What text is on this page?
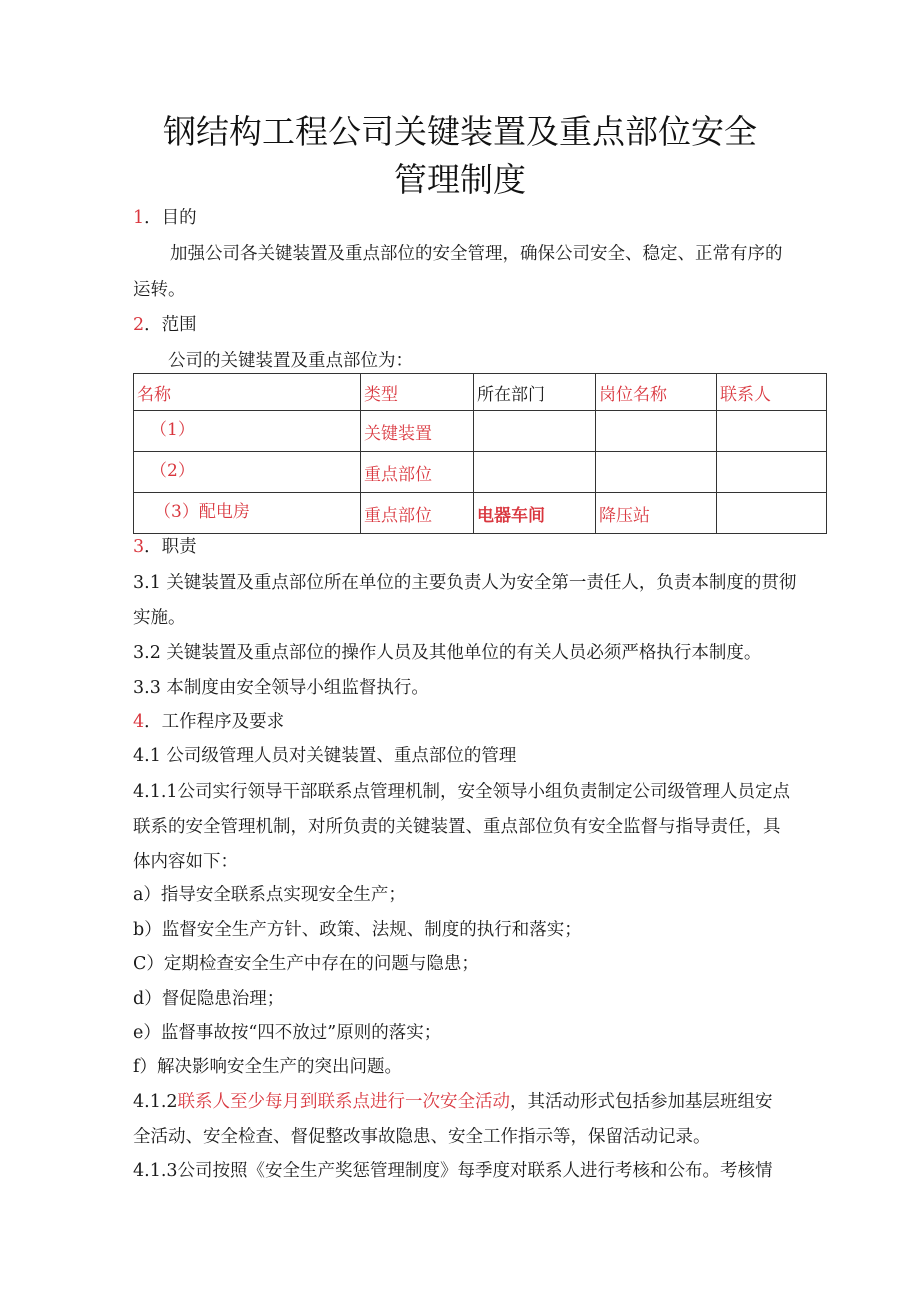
钢结构工程公司关键装置及重点部位安全
管理制度
1．目的
加强公司各关键装置及重点部位的安全管理，确保公司安全、稳定、正常有序的
运转。
2．范围
公司的关键装置及重点部位为：
名称	类型	所在部门	岗位名称	联系人
（1）	关键装置			
（2）	重点部位			
（3）配电房	重点部位	电器车间	降压站	
3．职责
3.1 关键装置及重点部位所在单位的主要负责人为安全第一责任人，负责本制度的贯彻
实施。
3.2 关键装置及重点部位的操作人员及其他单位的有关人员必须严格执行本制度。
3.3 本制度由安全领导小组监督执行。
4．工作程序及要求
4.1 公司级管理人员对关键装置、重点部位的管理
4.1.1公司实行领导干部联系点管理机制，安全领导小组负责制定公司级管理人员定点
联系的安全管理机制，对所负责的关键装置、重点部位负有安全监督与指导责任，具
体内容如下：
a）指导安全联系点实现安全生产；
b）监督安全生产方针、政策、法规、制度的执行和落实；
C）定期检查安全生产中存在的问题与隐患；
d）督促隐患治理；
e）监督事故按“四不放过”原则的落实；
f）解决影响安全生产的突出问题。
4.1.2联系人至少每月到联系点进行一次安全活动，其活动形式包括参加基层班组安
全活动、安全检查、督促整改事故隐患、安全工作指示等，保留活动记录。
4.1.3公司按照《安全生产奖惩管理制度》每季度对联系人进行考核和公布。考核情
